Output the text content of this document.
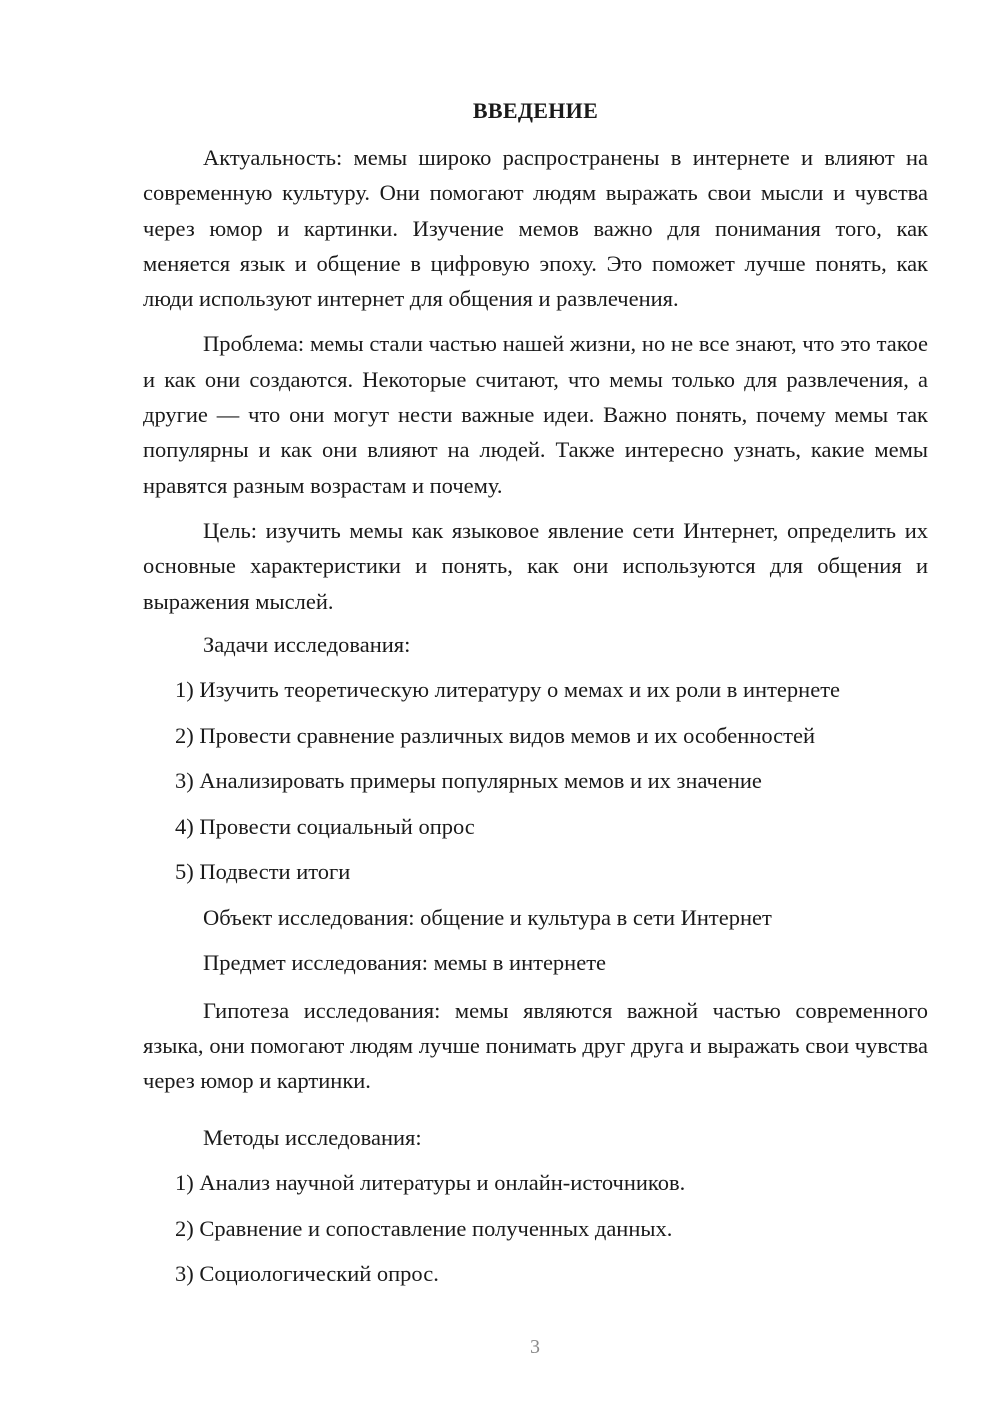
ВВЕДЕНИЕ

Актуальность: мемы широко распространены в интернете и влияют на современную культуру. Они помогают людям выражать свои мысли и чувства через юмор и картинки. Изучение мемов важно для понимания того, как меняется язык и общение в цифровую эпоху. Это поможет лучше понять, как люди используют интернет для общения и развлечения.

Проблема: мемы стали частью нашей жизни, но не все знают, что это такое и как они создаются. Некоторые считают, что мемы только для развлечения, а другие — что они могут нести важные идеи. Важно понять, почему мемы так популярны и как они влияют на людей. Также интересно узнать, какие мемы нравятся разным возрастам и почему.

Цель: изучить мемы как языковое явление сети Интернет, определить их основные характеристики и понять, как они используются для общения и выражения мыслей.

Задачи исследования:
1) Изучить теоретическую литературу о мемах и их роли в интернете
2) Провести сравнение различных видов мемов и их особенностей
3) Анализировать примеры популярных мемов и их значение
4) Провести социальный опрос
5) Подвести итоги
Объект исследования: общение и культура в сети Интернет
Предмет исследования: мемы в интернете

Гипотеза исследования: мемы являются важной частью современного языка, они помогают людям лучше понимать друг друга и выражать свои чувства через юмор и картинки.

Методы исследования:
1) Анализ научной литературы и онлайн-источников.
2) Сравнение и сопоставление полученных данных.
3) Социологический опрос.
3
